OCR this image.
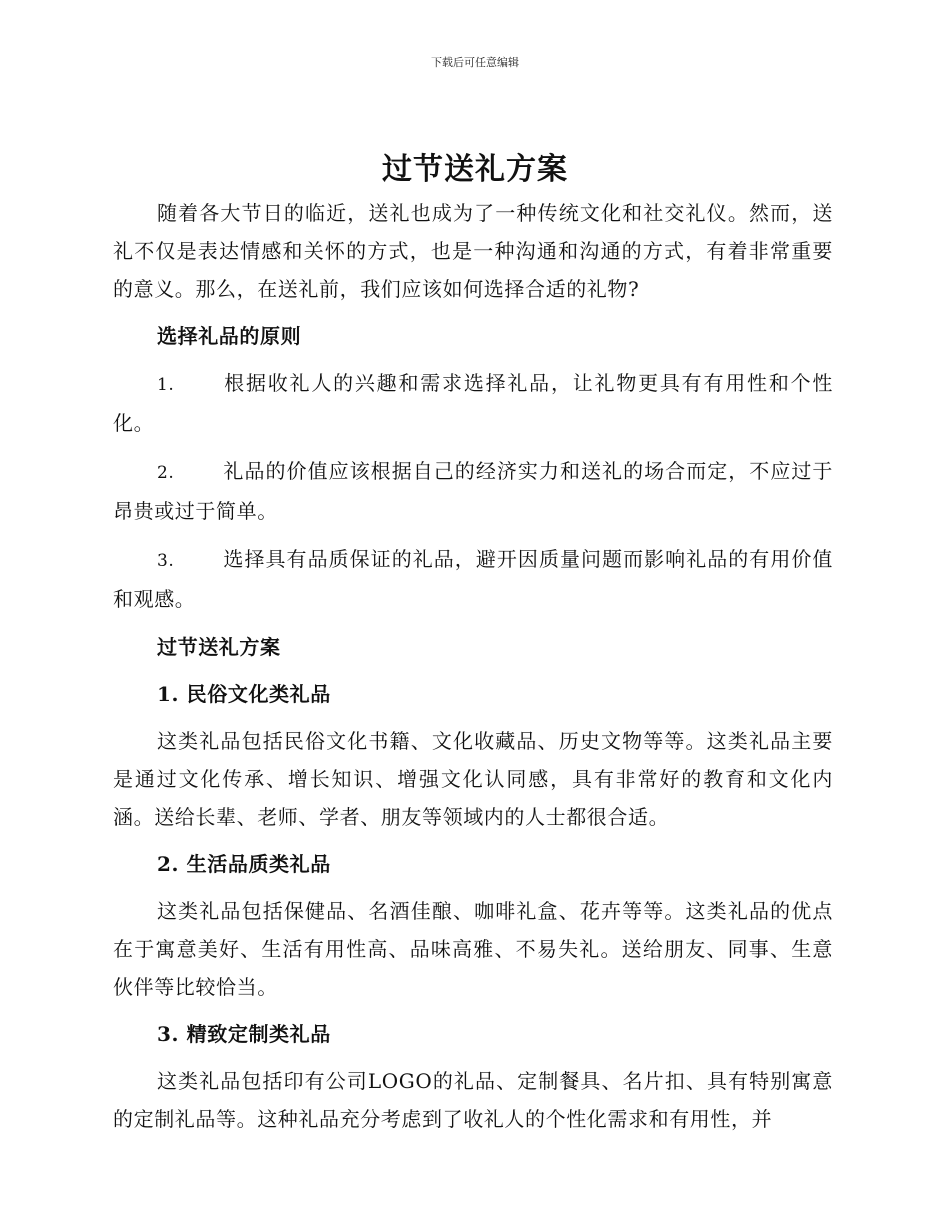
下载后可任意编辑
过节送礼方案

随着各大节日的临近，送礼也成为了一种传统文化和社交礼仪。然而，送礼不仅是表达情感和关怀的方式，也是一种沟通和沟通的方式，有着非常重要的意义。那么，在送礼前，我们应该如何选择合适的礼物?

选择礼品的原则

1. 根据收礼人的兴趣和需求选择礼品，让礼物更具有有用性和个性化。

2. 礼品的价值应该根据自己的经济实力和送礼的场合而定，不应过于昂贵或过于简单。

3. 选择具有品质保证的礼品，避开因质量问题而影响礼品的有用价值和观感。

过节送礼方案

1. 民俗文化类礼品

这类礼品包括民俗文化书籍、文化收藏品、历史文物等等。这类礼品主要是通过文化传承、增长知识、增强文化认同感，具有非常好的教育和文化内涵。送给长辈、老师、学者、朋友等领域内的人士都很合适。

2. 生活品质类礼品

这类礼品包括保健品、名酒佳酿、咖啡礼盒、花卉等等。这类礼品的优点在于寓意美好、生活有用性高、品味高雅、不易失礼。送给朋友、同事、生意伙伴等比较恰当。

3. 精致定制类礼品

这类礼品包括印有公司LOGO的礼品、定制餐具、名片扣、具有特别寓意的定制礼品等。这种礼品充分考虑到了收礼人的个性化需求和有用性，并
